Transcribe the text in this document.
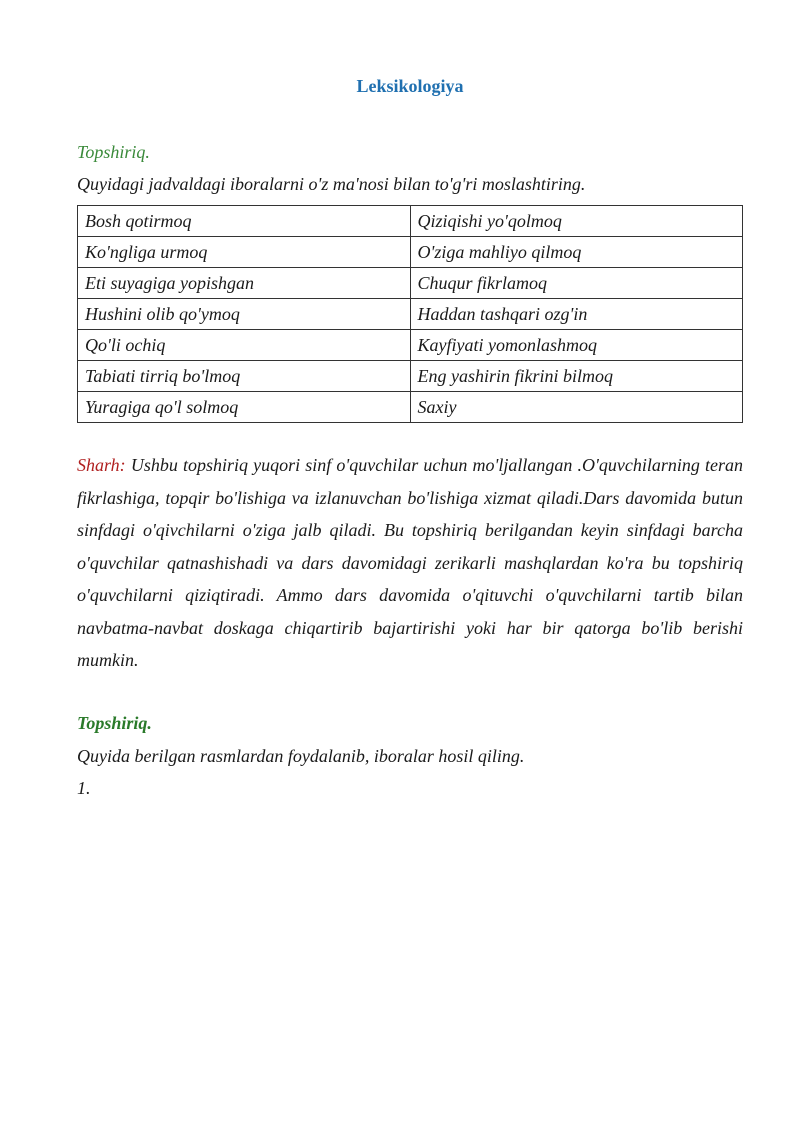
Leksikologiya
Topshiriq.
Quyidagi jadvaldagi iboralarni o'z ma'nosi bilan to'g'ri moslashtiring.
Bosh qotirmoq	Qiziqishi yo'qolmoq
Ko'ngliga urmoq	O'ziga mahliyo qilmoq
Eti suyagiga yopishgan	Chuqur fikrlamoq
Hushini olib qo'ymoq	Haddan tashqari ozg'in
Qo'li ochiq	Kayfiyati yomonlashmoq
Tabiati tirriq bo'lmoq	Eng yashirin fikrini bilmoq
Yuragiga qo'l solmoq	Saxiy
Sharh: Ushbu topshiriq yuqori sinf o'quvchilar uchun mo'ljallangan .O'quvchilarning teran fikrlashiga, topqir bo'lishiga va izlanuvchan bo'lishiga xizmat qiladi.Dars davomida butun sinfdagi o'qivchilarni o'ziga jalb qiladi. Bu topshiriq berilgandan keyin sinfdagi barcha o'quvchilar qatnashishadi va dars davomidagi zerikarli mashqlardan ko'ra bu topshiriq o'quvchilarni qiziqtiradi. Ammo dars davomida o'qituvchi o'quvchilarni tartib bilan navbatma-navbat doskaga chiqartirib bajartirishi yoki har bir qatorga bo'lib berishi mumkin.
Topshiriq.
Quyida berilgan rasmlardan foydalanib, iboralar hosil qiling.
1.
